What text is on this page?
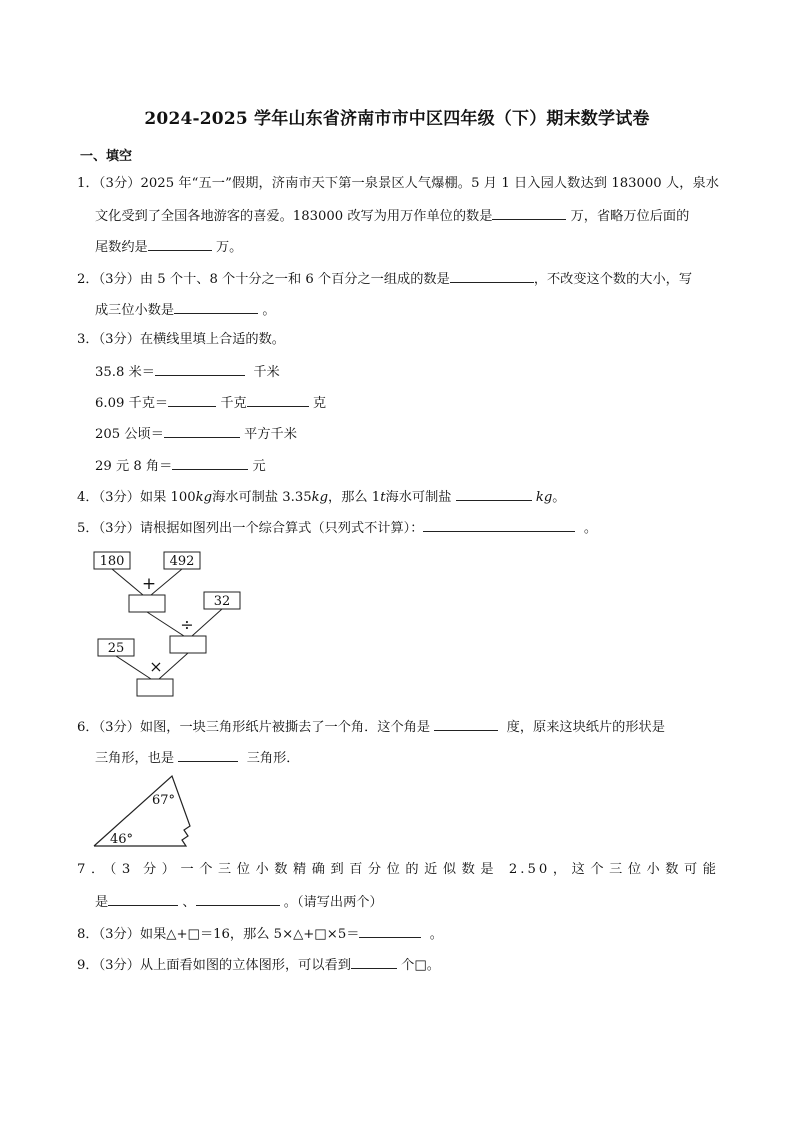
2024-2025 学年山东省济南市市中区四年级（下）期末数学试卷
一、填空
1．（3分）2025 年“五一”假期，济南市天下第一泉景区人气爆棚。5 月 1 日入园人数达到 183000 人，泉水
文化受到了全国各地游客的喜爱。183000 改写为用万作单位的数是	万，省略万位后面的
尾数约是	万。
2．（3分）由 5 个十、8 个十分之一和 6 个百分之一组成的数是	，不改变这个数的大小，写
成三位小数是	。
3．（3分）在横线里填上合适的数。
35.8 米＝	千米
6.09 千克＝	千克	克
205 公顷＝	平方千米
29 元 8 角＝	元
4．（3分）如果 100kg海水可制盐 3.35kg，那么 1t海水可制盐	kg。
5．（3分）请根据如图列出一个综合算式（只列式不计算）：	。
180	492
32
25
+
÷
×
6．（3分）如图，一块三角形纸片被撕去了一个角．这个角是	度，原来这块纸片的形状是
三角形，也是	三角形．
67°
46°
7．（3 分）一个三位小数精确到百分位的近似数是 2.50，这个三位小数可能
是	、	。（请写出两个）
8．（3分）如果△+□＝16，那么 5×△+□×5＝	。
9．（3分）从上面看如图的立体图形，可以看到	个□。
